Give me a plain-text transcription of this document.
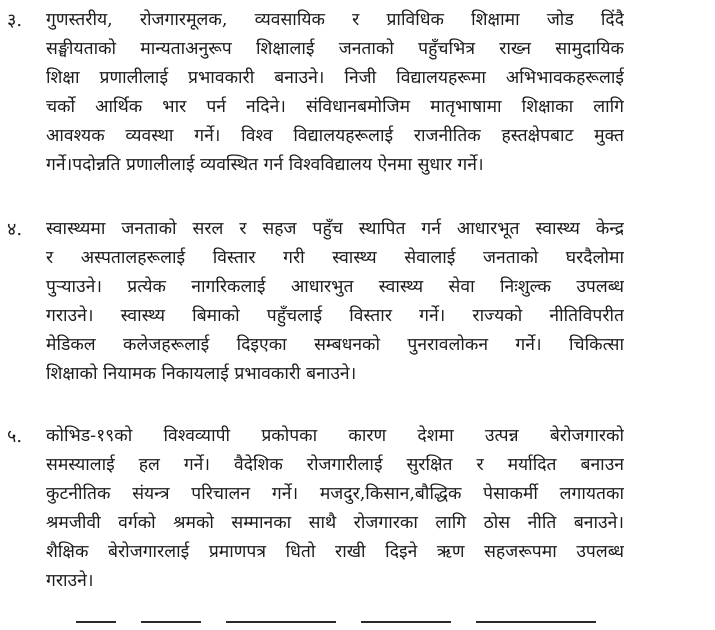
३. गुणस्तरीय, रोजगारमूलक, व्यवसायिक र प्राविधिक शिक्षामा जोड दिंदै
सङ्घीयताको मान्यताअनुरूप शिक्षालाई जनताको पहुँचभित्र राख्न सामुदायिक
शिक्षा प्रणालीलाई प्रभावकारी बनाउने। निजी विद्यालयहरूमा अभिभावकहरूलाई
चर्को आर्थिक भार पर्न नदिने। संविधानबमोजिम मातृभाषामा शिक्षाका लागि
आवश्यक व्यवस्था गर्ने। विश्व विद्यालयहरूलाई राजनीतिक हस्तक्षेपबाट मुक्त
गर्ने।पदोन्नति प्रणालीलाई व्यवस्थित गर्न विश्वविद्यालय ऐनमा सुधार गर्ने।
४. स्वास्थ्यमा जनताको सरल र सहज पहुँच स्थापित गर्न आधारभूत स्वास्थ्य केन्द्र
र अस्पतालहरूलाई विस्तार गरी स्वास्थ्य सेवालाई जनताको घरदैलोमा
पुऱ्याउने। प्रत्येक नागरिकलाई आधारभुत स्वास्थ्य सेवा निःशुल्क उपलब्ध
गराउने। स्वास्थ्य बिमाको पहुँचलाई विस्तार गर्ने। राज्यको नीतिविपरीत
मेडिकल कलेजहरूलाई दिइएका सम्बधनको पुनरावलोकन गर्ने। चिकित्सा
शिक्षाको नियामक निकायलाई प्रभावकारी बनाउने।
५. कोभिड-१९को विश्वव्यापी प्रकोपका कारण देशमा उत्पन्न बेरोजगारको
समस्यालाई हल गर्ने। वैदेशिक रोजगारीलाई सुरक्षित र मर्यादित बनाउन
कुटनीतिक संयन्त्र परिचालन गर्ने। मजदुर,किसान,बौद्धिक पेसाकर्मी लगायतका
श्रमजीवी वर्गको श्रमको सम्मानका साथै रोजगारका लागि ठोस नीति बनाउने।
शैक्षिक बेरोजगारलाई प्रमाणपत्र धितो राखी दिइने ऋण सहजरूपमा उपलब्ध
गराउने।
